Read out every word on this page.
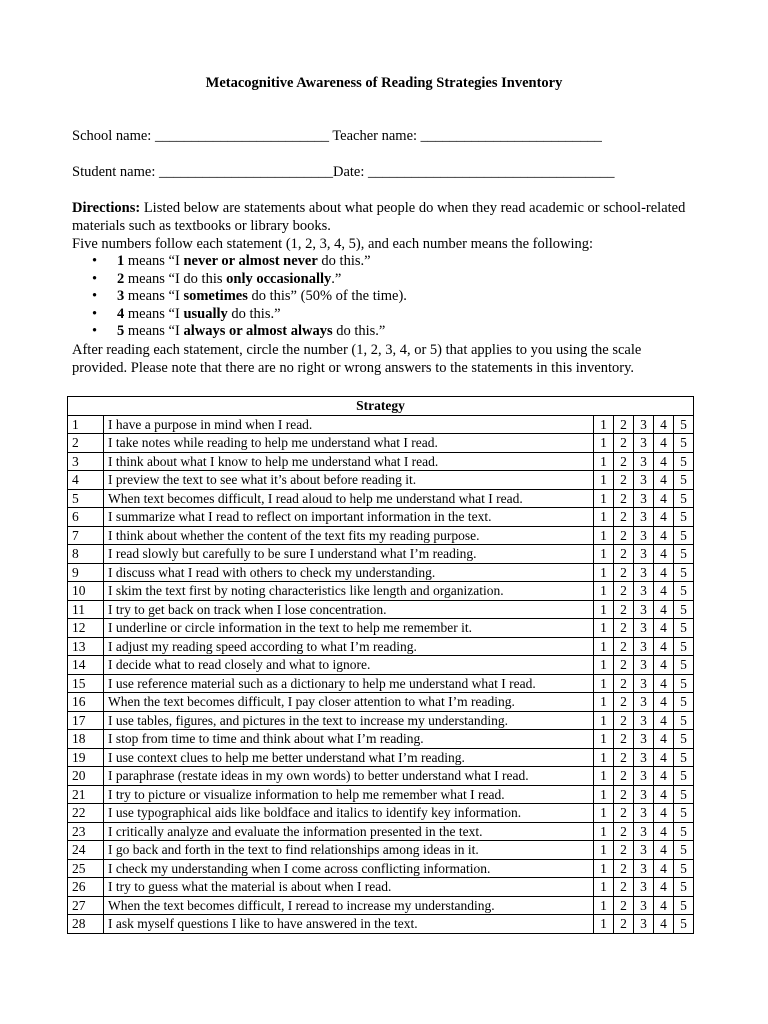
Metacognitive Awareness of Reading Strategies Inventory
School name: ________________________ Teacher name: _________________________
Student name: ________________________Date: __________________________________

Directions: Listed below are statements about what people do when they read academic or school-related materials such as textbooks or library books.

Five numbers follow each statement (1, 2, 3, 4, 5), and each number means the following:

• 1 means “I never or almost never do this.”
• 2 means “I do this only occasionally.”
• 3 means “I sometimes do this” (50% of the time).
• 4 means “I usually do this.”
• 5 means “I always or almost always do this.”

After reading each statement, circle the number (1, 2, 3, 4, or 5) that applies to you using the scale provided. Please note that there are no right or wrong answers to the statements in this inventory.

Strategy						
1	I have a purpose in mind when I read.	1	2	3	4	5
2	I take notes while reading to help me understand what I read.	1	2	3	4	5
3	I think about what I know to help me understand what I read.	1	2	3	4	5
4	I preview the text to see what it’s about before reading it.	1	2	3	4	5
5	When text becomes difficult, I read aloud to help me understand what I read.	1	2	3	4	5
6	I summarize what I read to reflect on important information in the text.	1	2	3	4	5
7	I think about whether the content of the text fits my reading purpose.	1	2	3	4	5
8	I read slowly but carefully to be sure I understand what I’m reading.	1	2	3	4	5
9	I discuss what I read with others to check my understanding.	1	2	3	4	5
10	I skim the text first by noting characteristics like length and organization.	1	2	3	4	5
11	I try to get back on track when I lose concentration.	1	2	3	4	5
12	I underline or circle information in the text to help me remember it.	1	2	3	4	5
13	I adjust my reading speed according to what I’m reading.	1	2	3	4	5
14	I decide what to read closely and what to ignore.	1	2	3	4	5
15	I use reference material such as a dictionary to help me understand what I read.	1	2	3	4	5
16	When the text becomes difficult, I pay closer attention to what I’m reading.	1	2	3	4	5
17	I use tables, figures, and pictures in the text to increase my understanding.	1	2	3	4	5
18	I stop from time to time and think about what I’m reading.	1	2	3	4	5
19	I use context clues to help me better understand what I’m reading.	1	2	3	4	5
20	I paraphrase (restate ideas in my own words) to better understand what I read.	1	2	3	4	5
21	I try to picture or visualize information to help me remember what I read.	1	2	3	4	5
22	I use typographical aids like boldface and italics to identify key information.	1	2	3	4	5
23	I critically analyze and evaluate the information presented in the text.	1	2	3	4	5
24	I go back and forth in the text to find relationships among ideas in it.	1	2	3	4	5
25	I check my understanding when I come across conflicting information.	1	2	3	4	5
26	I try to guess what the material is about when I read.	1	2	3	4	5
27	When the text becomes difficult, I reread to increase my understanding.	1	2	3	4	5
28	I ask myself questions I like to have answered in the text.	1	2	3	4	5
